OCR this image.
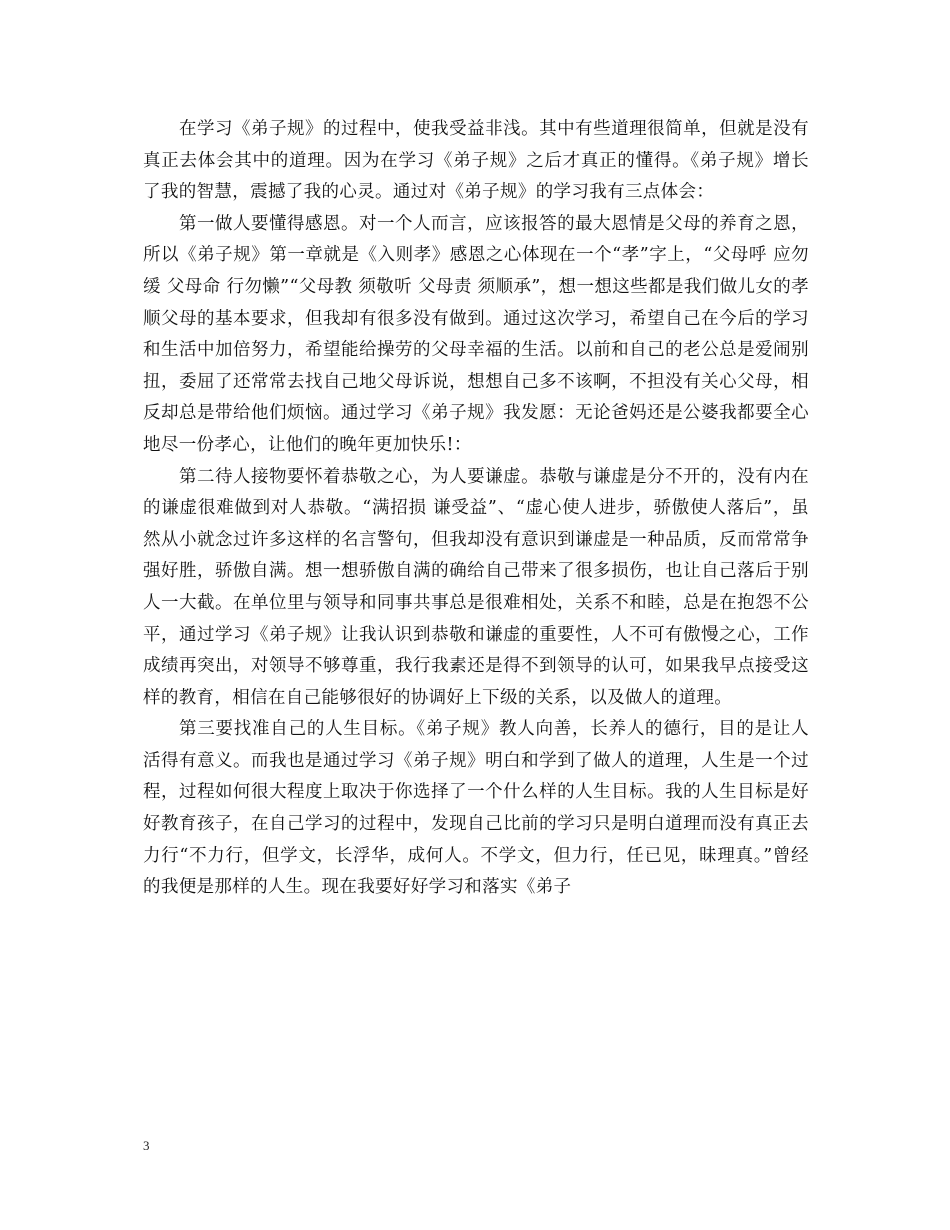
在学习《弟子规》的过程中，使我受益非浅。其中有些道理很简单，但就是没有真正去体会其中的道理。因为在学习《弟子规》之后才真正的懂得。《弟子规》增长了我的智慧，震撼了我的心灵。通过对《弟子规》的学习我有三点体会：

第一做人要懂得感恩。对一个人而言，应该报答的最大恩情是父母的养育之恩，所以《弟子规》第一章就是《入则孝》感恩之心体现在一个“孝”字上，“父母呼 应勿缓 父母命 行勿懒”“父母教 须敬听 父母责 须顺承”，想一想这些都是我们做儿女的孝顺父母的基本要求，但我却有很多没有做到。通过这次学习，希望自己在今后的学习和生活中加倍努力，希望能给操劳的父母幸福的生活。以前和自己的老公总是爱闹别扭，委屈了还常常去找自己地父母诉说，想想自己多不该啊，不担没有关心父母，相反却总是带给他们烦恼。通过学习《弟子规》我发愿：无论爸妈还是公婆我都要全心地尽一份孝心，让他们的晚年更加快乐!：

第二待人接物要怀着恭敬之心，为人要谦虚。恭敬与谦虚是分不开的，没有内在的谦虚很难做到对人恭敬。“满招损 谦受益”、“虚心使人进步，骄傲使人落后”，虽然从小就念过许多这样的名言警句，但我却没有意识到谦虚是一种品质，反而常常争强好胜，骄傲自满。想一想骄傲自满的确给自己带来了很多损伤，也让自己落后于别人一大截。在单位里与领导和同事共事总是很难相处，关系不和睦，总是在抱怨不公平，通过学习《弟子规》让我认识到恭敬和谦虚的重要性，人不可有傲慢之心，工作成绩再突出，对领导不够尊重，我行我素还是得不到领导的认可，如果我早点接受这样的教育，相信在自己能够很好的协调好上下级的关系，以及做人的道理。

第三要找准自己的人生目标。《弟子规》教人向善，长养人的德行，目的是让人活得有意义。而我也是通过学习《弟子规》明白和学到了做人的道理，人生是一个过程，过程如何很大程度上取决于你选择了一个什么样的人生目标。我的人生目标是好好教育孩子，在自己学习的过程中，发现自己比前的学习只是明白道理而没有真正去力行“不力行，但学文，长浮华，成何人。不学文，但力行，任已见，昧理真。”曾经的我便是那样的人生。现在我要好好学习和落实《弟子

3
